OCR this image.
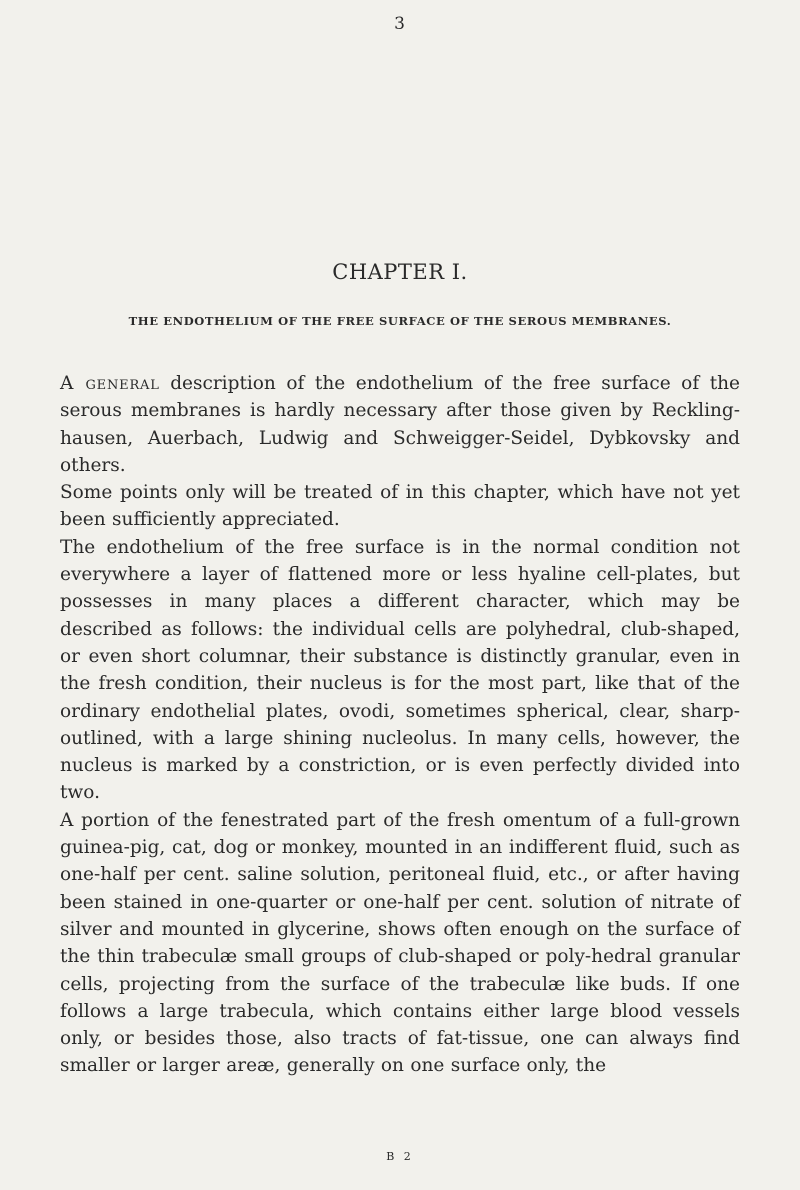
3
CHAPTER I.
THE ENDOTHELIUM OF THE FREE SURFACE OF THE SEROUS MEMBRANES.

A general description of the endothelium of the free surface of the serous membranes is hardly necessary after those given by Reckling-hausen, Auerbach, Ludwig and Schweigger-Seidel, Dybkovsky and others.

Some points only will be treated of in this chapter, which have not yet been sufficiently appreciated.

The endothelium of the free surface is in the normal condition not everywhere a layer of flattened more or less hyaline cell-plates, but possesses in many places a different character, which may be described as follows: the individual cells are polyhedral, club-shaped, or even short columnar, their substance is distinctly granular, even in the fresh condition, their nucleus is for the most part, like that of the ordinary endothelial plates, ovodi, sometimes spherical, clear, sharp-outlined, with a large shining nucleolus. In many cells, however, the nucleus is marked by a constriction, or is even perfectly divided into two.

A portion of the fenestrated part of the fresh omentum of a full-grown guinea-pig, cat, dog or monkey, mounted in an indifferent fluid, such as one-half per cent. saline solution, peritoneal fluid, etc., or after having been stained in one-quarter or one-half per cent. solution of nitrate of silver and mounted in glycerine, shows often enough on the surface of the thin trabeculæ small groups of club-shaped or poly-hedral granular cells, projecting from the surface of the trabeculæ like buds. If one follows a large trabecula, which contains either large blood vessels only, or besides those, also tracts of fat-tissue, one can always find smaller or larger areæ, generally on one surface only, the

B 2
